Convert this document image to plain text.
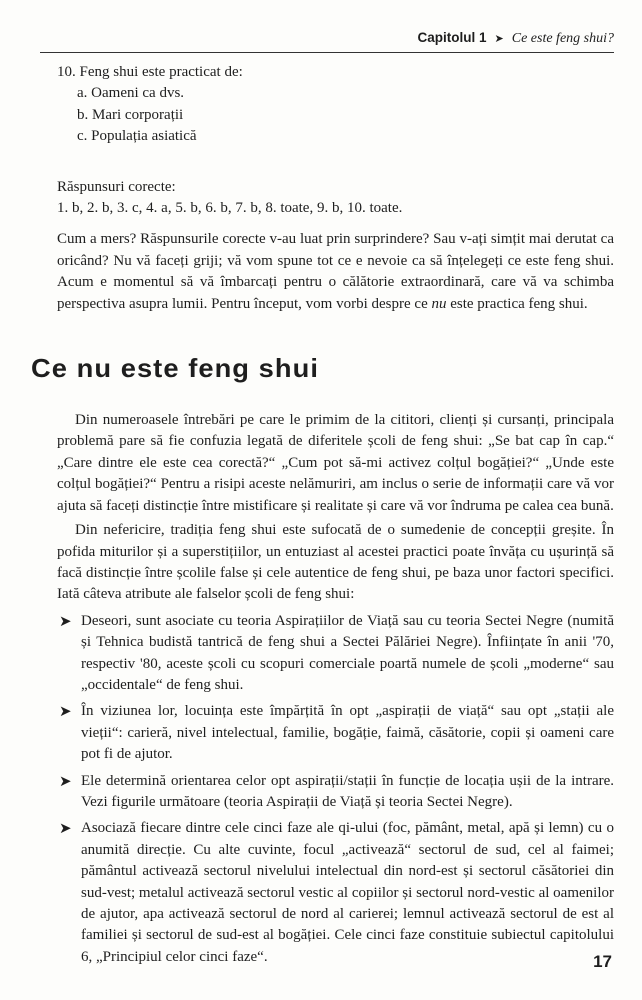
Capitolul 1 ➤ Ce este feng shui?

10. Feng shui este practicat de:

a. Oameni ca dvs.
b. Mari corporații
c. Populația asiatică

Răspunsuri corecte:

1. b, 2. b, 3. c, 4. a, 5. b, 6. b, 7. b, 8. toate, 9. b, 10. toate.

Cum a mers? Răspunsurile corecte v-au luat prin surprindere? Sau v-ați simțit mai derutat ca oricând? Nu vă faceți griji; vă vom spune tot ce e nevoie ca să înțelegeți ce este feng shui. Acum e momentul să vă îmbarcați pentru o călătorie extraordinară, care vă va schimba perspectiva asupra lumii. Pentru început, vom vorbi despre ce nu este practica feng shui.

Ce nu este feng shui

Din numeroasele întrebări pe care le primim de la cititori, clienți și cursanți, principala problemă pare să fie confuzia legată de diferitele școli de feng shui: „Se bat cap în cap.“ „Care dintre ele este cea corectă?“ „Cum pot să-mi activez colțul bogăției?“ „Unde este colțul bogăției?“ Pentru a risipi aceste nelămuriri, am inclus o serie de informații care vă vor ajuta să faceți distincție între mistificare și realitate și care vă vor îndruma pe calea cea bună.

Din nefericire, tradiția feng shui este sufocată de o sumedenie de concepții greșite. În pofida miturilor și a superstițiilor, un entuziast al acestei practici poate învăța cu ușurință să facă distincție între școlile false și cele autentice de feng shui, pe baza unor factori specifici. Iată câteva atribute ale falselor școli de feng shui:

➤ Deseori, sunt asociate cu teoria Aspirațiilor de Viață sau cu teoria Sectei Negre (numită și Tehnica budistă tantrică de feng shui a Sectei Pălăriei Negre). Înființate în anii '70, respectiv '80, aceste școli cu scopuri comerciale poartă numele de școli „moderne“ sau „occidentale“ de feng shui.
➤ În viziunea lor, locuința este împărțită în opt „aspirații de viață“ sau opt „stații ale vieții“: carieră, nivel intelectual, familie, bogăție, faimă, căsătorie, copii și oameni care pot fi de ajutor.
➤ Ele determină orientarea celor opt aspirații/stații în funcție de locația ușii de la intrare. Vezi figurile următoare (teoria Aspirații de Viață și teoria Sectei Negre).
➤ Asociază fiecare dintre cele cinci faze ale qi-ului (foc, pământ, metal, apă și lemn) cu o anumită direcție. Cu alte cuvinte, focul „activează“ sectorul de sud, cel al faimei; pământul activează sectorul nivelului intelectual din nord-est și sectorul căsătoriei din sud-vest; metalul activează sectorul vestic al copiilor și sectorul nord-vestic al oamenilor de ajutor, apa activează sectorul de nord al carierei; lemnul activează sectorul de est al familiei și sectorul de sud-est al bogăției. Cele cinci faze constituie subiectul capitolului 6, „Principiul celor cinci faze“.	17
